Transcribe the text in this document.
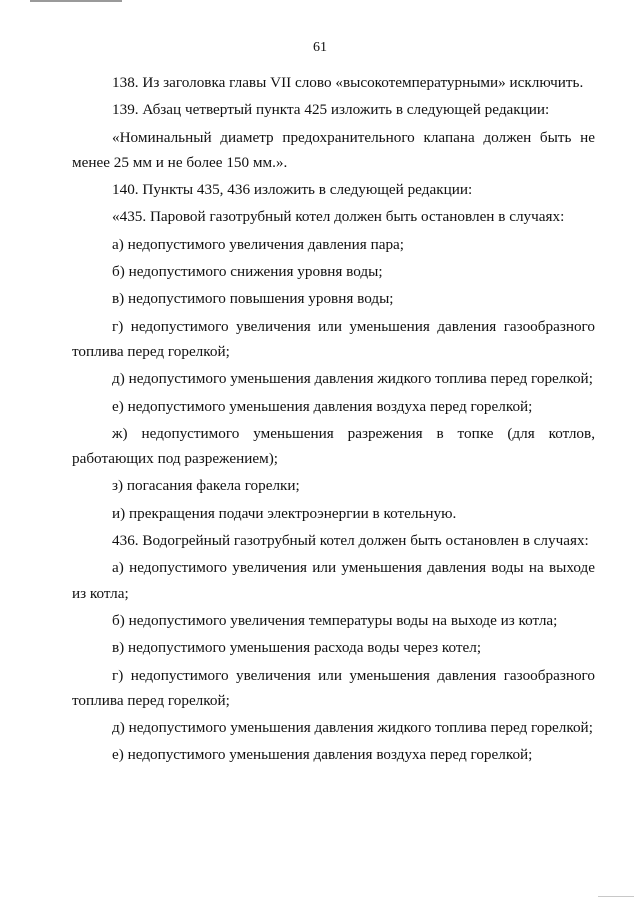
61

138. Из заголовка главы VII слово «высокотемпературными» исключить.

139. Абзац четвертый пункта 425 изложить в следующей редакции:

«Номинальный диаметр предохранительного клапана должен быть не менее 25 мм и не более 150 мм.».

140. Пункты 435, 436 изложить в следующей редакции:

«435. Паровой газотрубный котел должен быть остановлен в случаях:

а) недопустимого увеличения давления пара;

б) недопустимого снижения уровня воды;

в) недопустимого повышения уровня воды;

г) недопустимого увеличения или уменьшения давления газообразного топлива перед горелкой;

д) недопустимого уменьшения давления жидкого топлива перед горелкой;

е) недопустимого уменьшения давления воздуха перед горелкой;

ж) недопустимого уменьшения разрежения в топке (для котлов, работающих под разрежением);

з) погасания факела горелки;

и) прекращения подачи электроэнергии в котельную.

436. Водогрейный газотрубный котел должен быть остановлен в случаях:

а) недопустимого увеличения или уменьшения давления воды на выходе из котла;

б) недопустимого увеличения температуры воды на выходе из котла;

в) недопустимого уменьшения расхода воды через котел;

г) недопустимого увеличения или уменьшения давления газообразного топлива перед горелкой;

д) недопустимого уменьшения давления жидкого топлива перед горелкой;

е) недопустимого уменьшения давления воздуха перед горелкой;
